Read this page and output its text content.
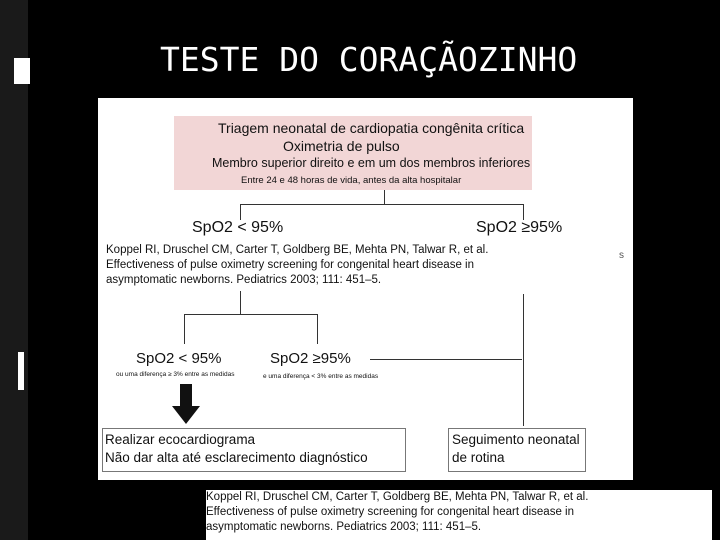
TESTE DO CORAÇÃOZINHO
Triagem neonatal de cardiopatia congênita crítica
Oximetria de pulso
Membro superior direito e em um dos membros inferiores
Entre 24 e 48 horas de vida, antes da alta hospitalar
SpO2 < 95%	SpO2 ≥95%
s
SpO2 < 95%
ou uma diferença ≥ 3% entre as medidas
SpO2 ≥95%
e uma diferença < 3% entre as medidas
Realizar ecocardiograma
Não dar alta até esclarecimento diagnóstico
Seguimento neonatal
de rotina
Koppel RI, Druschel CM, Carter T, Goldberg BE, Mehta PN, Talwar R, et al.
Effectiveness of pulse oximetry screening for congenital heart disease in
asymptomatic newborns. Pediatrics 2003; 111: 451–5.
Koppel RI, Druschel CM, Carter T, Goldberg BE, Mehta PN, Talwar R, et al.
Effectiveness of pulse oximetry screening for congenital heart disease in
asymptomatic newborns. Pediatrics 2003; 111: 451–5.
